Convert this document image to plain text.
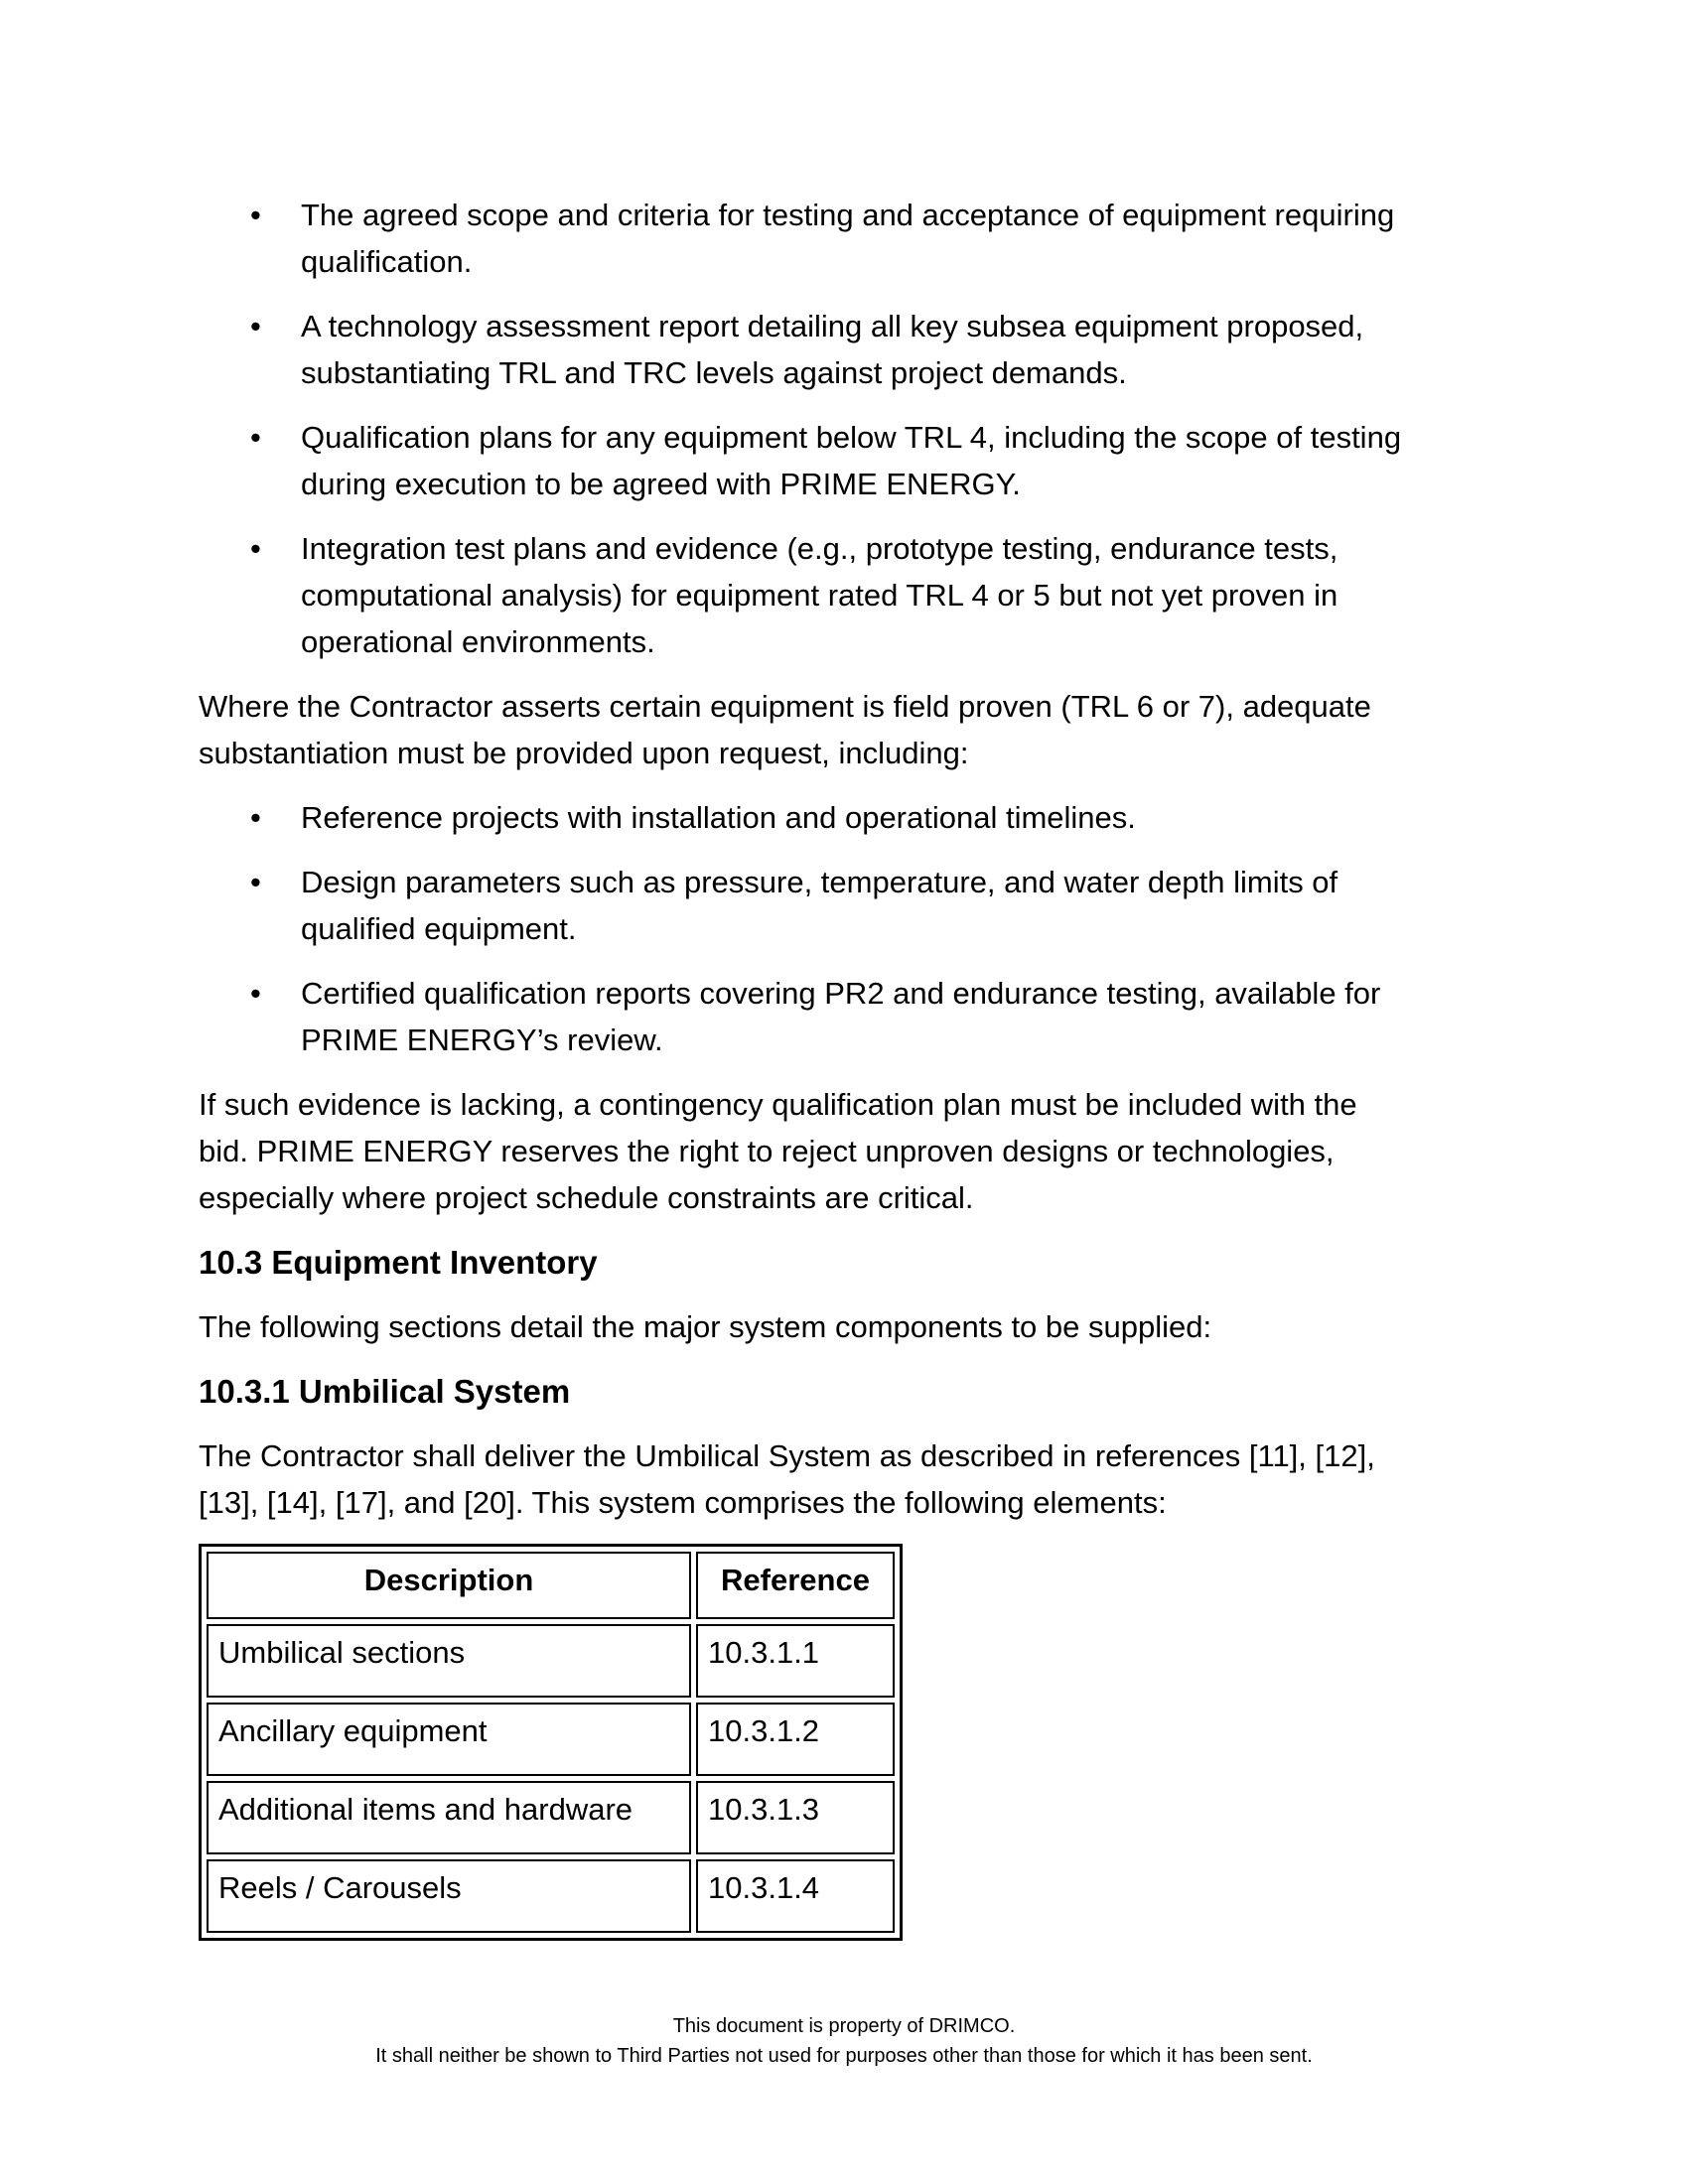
• The agreed scope and criteria for testing and acceptance of equipment requiring
qualification.
• A technology assessment report detailing all key subsea equipment proposed,
substantiating TRL and TRC levels against project demands.
• Qualification plans for any equipment below TRL 4, including the scope of testing
during execution to be agreed with PRIME ENERGY.
• Integration test plans and evidence (e.g., prototype testing, endurance tests,
computational analysis) for equipment rated TRL 4 or 5 but not yet proven in
operational environments.

Where the Contractor asserts certain equipment is field proven (TRL 6 or 7), adequate
substantiation must be provided upon request, including:

• Reference projects with installation and operational timelines.
• Design parameters such as pressure, temperature, and water depth limits of
qualified equipment.
• Certified qualification reports covering PR2 and endurance testing, available for
PRIME ENERGY’s review.

If such evidence is lacking, a contingency qualification plan must be included with the
bid. PRIME ENERGY reserves the right to reject unproven designs or technologies,
especially where project schedule constraints are critical.

10.3 Equipment Inventory

The following sections detail the major system components to be supplied:

10.3.1 Umbilical System

The Contractor shall deliver the Umbilical System as described in references [11], [12],
[13], [14], [17], and [20]. This system comprises the following elements:

Description	Reference
Umbilical sections	10.3.1.1
Ancillary equipment	10.3.1.2
Additional items and hardware	10.3.1.3
Reels / Carousels	10.3.1.4
This document is property of DRIMCO.
It shall neither be shown to Third Parties not used for purposes other than those for which it has been sent.
